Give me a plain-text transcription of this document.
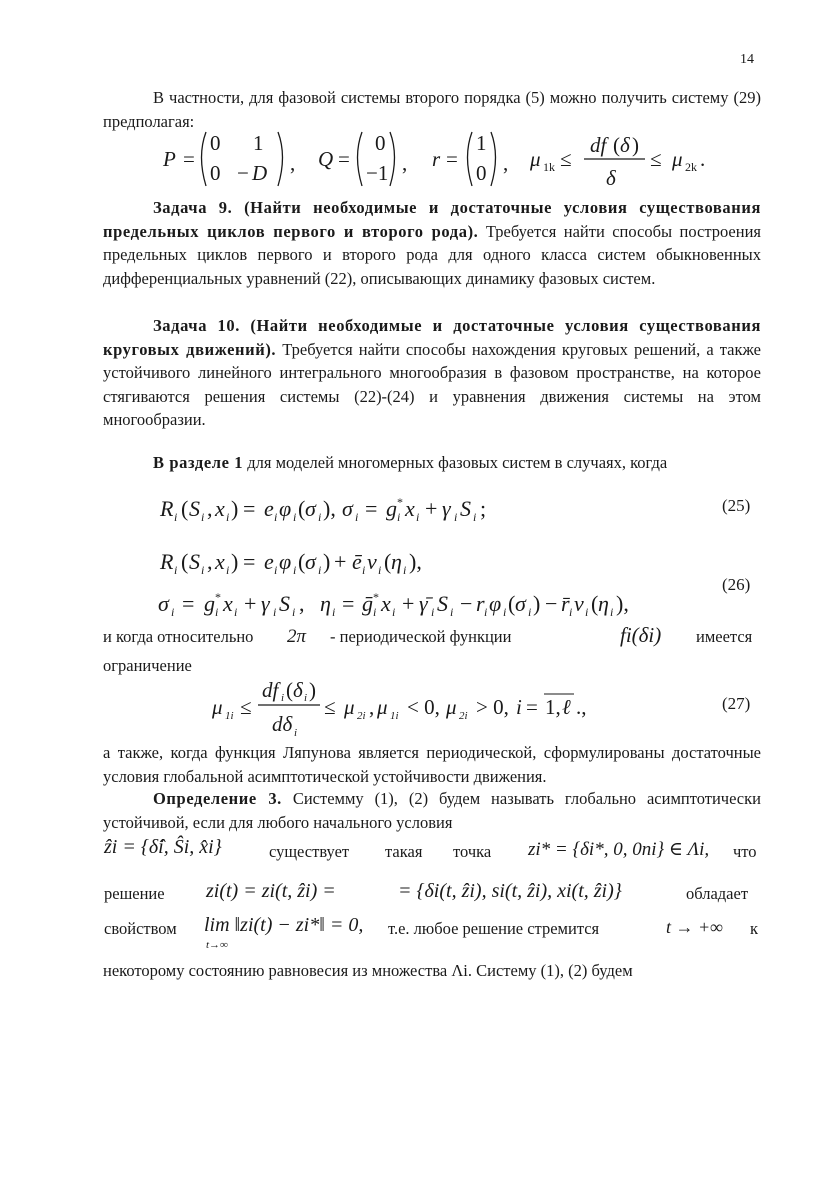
14
В частности, для фазовой системы второго порядка (5) можно получить систему (29) предполагая:
P =
0 1
0 − D , Q =
0
−1 , r =
1
0 , μ 1k ≤
df ( δ )
δ
≤ μ 2k .
Задача 9. (Найти необходимые и достаточные условия существования предельных циклов первого и второго рода). Требуется найти способы построения предельных циклов первого и второго рода для одного класса систем обыкновенных дифференциальных уравнений (22), описывающих динамику фазовых систем.
Задача 10. (Найти необходимые и достаточные условия существования круговых движений). Требуется найти способы нахождения круговых решений, а также устойчивого линейного интегрального многообразия в фазовом пространстве, на которое стягиваются решения системы (22)-(24) и уравнения движения системы на этом многообразии.
В разделе 1 для моделей многомерных фазовых систем в случаях, когда
R i ( S i , x i ) = e i φ i ( σ i ), σ i = g *
i x i + γ i S i ;	(25)
R i ( S i , x i ) = e i φ i ( σ i ) + ē i ν i ( η i ),
σ i = g *
i x i + γ i S i , η i = ḡ *
i x i + γ̄ i S i − r i φ i ( σ i ) − r̄ i ν i ( η i ),
(26)
и когда относительно 2π - периодической функции	fi(δi) имеется
ограничение
μ 1i ≤
df i ( δ i )
dδ i
≤ μ 2i , μ 1i < 0, μ 2i > 0, i = 1, ℓ .,	(27)
а также, когда функция Ляпунова является периодической, сформулированы достаточные условия глобальной асимптотической устойчивости движения.
Определение 3. Системму (1), (2) будем называть глобально асимптотически устойчивой, если для любого начального условия
ẑi = {δ̂i, Ŝi, x̂i}	существует такая точка zi* = {δi*, 0, 0ni} ∈ Λi, что
решение zi(t) = zi(t, ẑi) =	= {δi(t, ẑi), si(t, ẑi), xi(t, ẑi)}	обладает
свойством lim ‖zi(t) − zi*‖ = 0,
t→∞
т.е. любое решение стремится	t → +∞ к
некоторому состоянию равновесия из множества Λi. Систему (1), (2) будем
